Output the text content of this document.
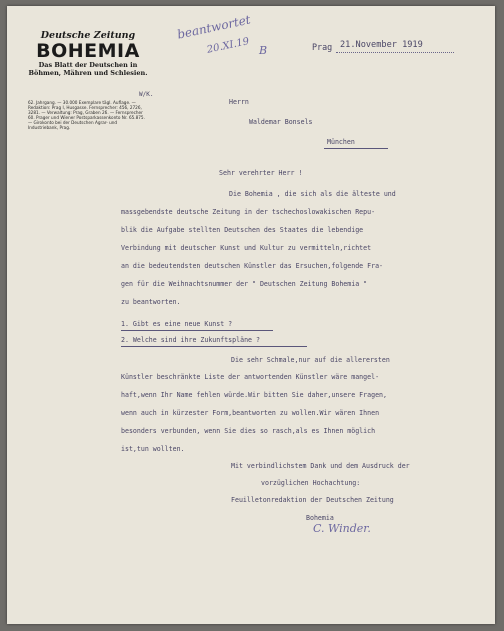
Deutsche Zeitung
BOHEMIA
Das Blatt der Deutschen in
Böhmen, Mähren und Schlesien.
W/K.
62. Jahrgang. — 30.000 Exemplare tägl. Auflage. — Redaktion: Prag I, Husgasse. Fernsprecher: 456, 2726, 3281. — Verwaltung: Prag, Graben 26. — Fernsprecher 60. Prager und Wiener Postsparkassenkonto Nr. 65.875. — Girokonto bei der Deutschen Agrar- und Industriebank, Prag.
beantwortet
20.XI.19 B	Prag 21.November 1919
Herrn
Waldemar Bonsels
München
Sehr verehrter Herr !
Die Bohemia , die sich als die älteste und
massgebendste deutsche Zeitung in der tschechoslowakischen Repu-
blik die Aufgabe stellten Deutschen des Staates die lebendige
Verbindung mit deutscher Kunst und Kultur zu vermitteln,richtet
an die bedeutendsten deutschen Künstler das Ersuchen,folgende Fra-
gen für die Weihnachtsnummer der " Deutschen Zeitung Bohemia "
zu beantworten.
1. Gibt es eine neue Kunst ?
2. Welche sind ihre Zukunftspläne ?
Die sehr Schmale,nur auf die allerersten
Künstler beschränkte Liste der antwortenden Künstler wäre mangel-
haft,wenn Ihr Name fehlen würde.Wir bitten Sie daher,unsere Fragen,
wenn auch in kürzester Form,beantworten zu wollen.Wir wären Ihnen
besonders verbunden, wenn Sie dies so rasch,als es Ihnen möglich
ist,tun wollten.
Mit verbindlichstem Dank und dem Ausdruck der
vorzüglichen Hochachtung:
Feuilletonredaktion der Deutschen Zeitung
Bohemia
C. Winder.
